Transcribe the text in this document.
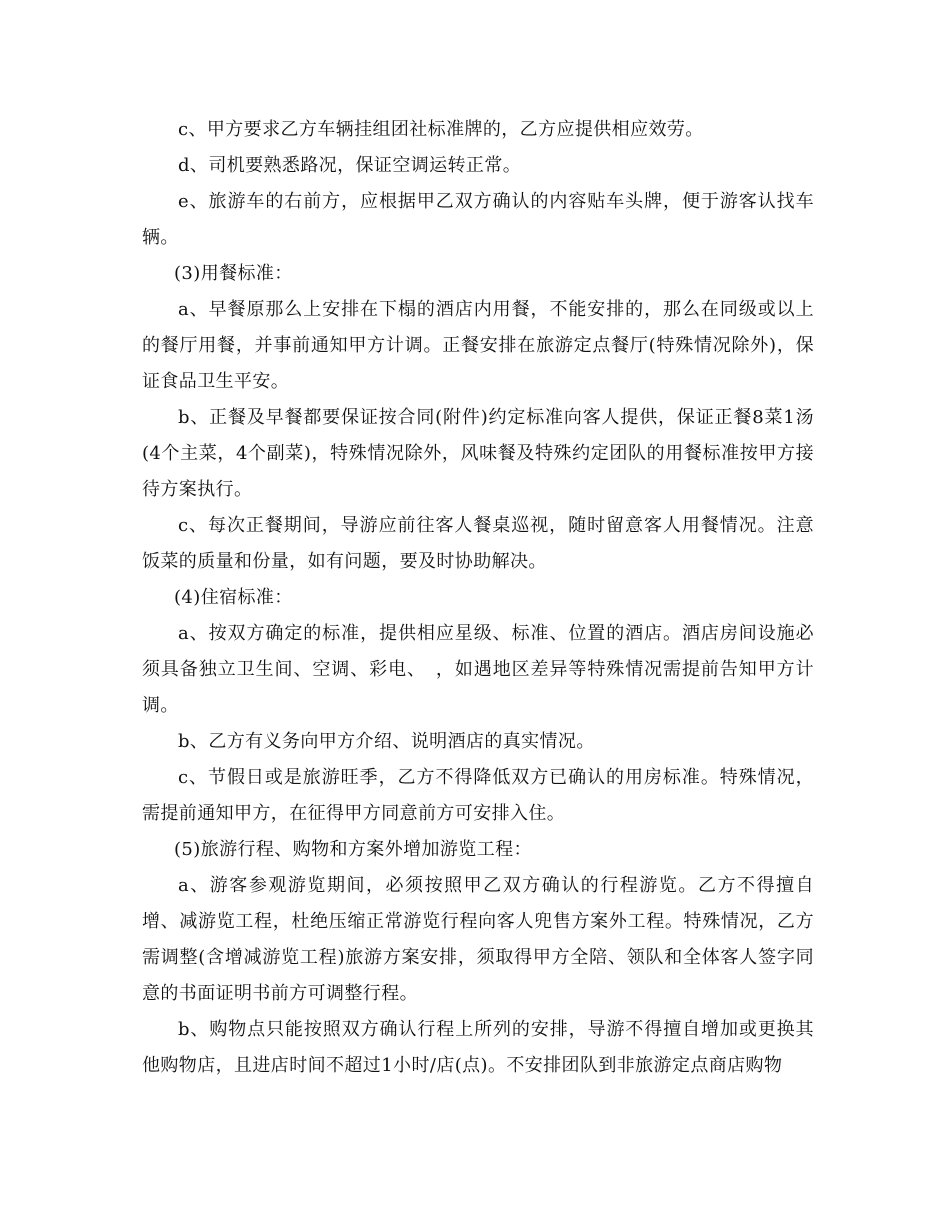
c、甲方要求乙方车辆挂组团社标准牌的，乙方应提供相应效劳。

d、司机要熟悉路况，保证空调运转正常。

e、旅游车的右前方，应根据甲乙双方确认的内容贴车头牌，便于游客认找车辆。

(3)用餐标准：

a、早餐原那么上安排在下榻的酒店内用餐，不能安排的，那么在同级或以上的餐厅用餐，并事前通知甲方计调。正餐安排在旅游定点餐厅(特殊情况除外)，保证食品卫生平安。

b、正餐及早餐都要保证按合同(附件)约定标准向客人提供，保证正餐8菜1汤(4个主菜，4个副菜)，特殊情况除外，风味餐及特殊约定团队的用餐标准按甲方接待方案执行。

c、每次正餐期间，导游应前往客人餐桌巡视，随时留意客人用餐情况。注意饭菜的质量和份量，如有问题，要及时协助解决。

(4)住宿标准：

a、按双方确定的标准，提供相应星级、标准、位置的酒店。酒店房间设施必须具备独立卫生间、空调、彩电、　，如遇地区差异等特殊情况需提前告知甲方计调。

b、乙方有义务向甲方介绍、说明酒店的真实情况。

c、节假日或是旅游旺季，乙方不得降低双方已确认的用房标准。特殊情况，需提前通知甲方，在征得甲方同意前方可安排入住。

(5)旅游行程、购物和方案外增加游览工程：

a、游客参观游览期间，必须按照甲乙双方确认的行程游览。乙方不得擅自增、减游览工程，杜绝压缩正常游览行程向客人兜售方案外工程。特殊情况，乙方需调整(含增减游览工程)旅游方案安排，须取得甲方全陪、领队和全体客人签字同意的书面证明书前方可调整行程。

b、购物点只能按照双方确认行程上所列的安排，导游不得擅自增加或更换其他购物店，且进店时间不超过1小时/店(点)。不安排团队到非旅游定点商店购物
